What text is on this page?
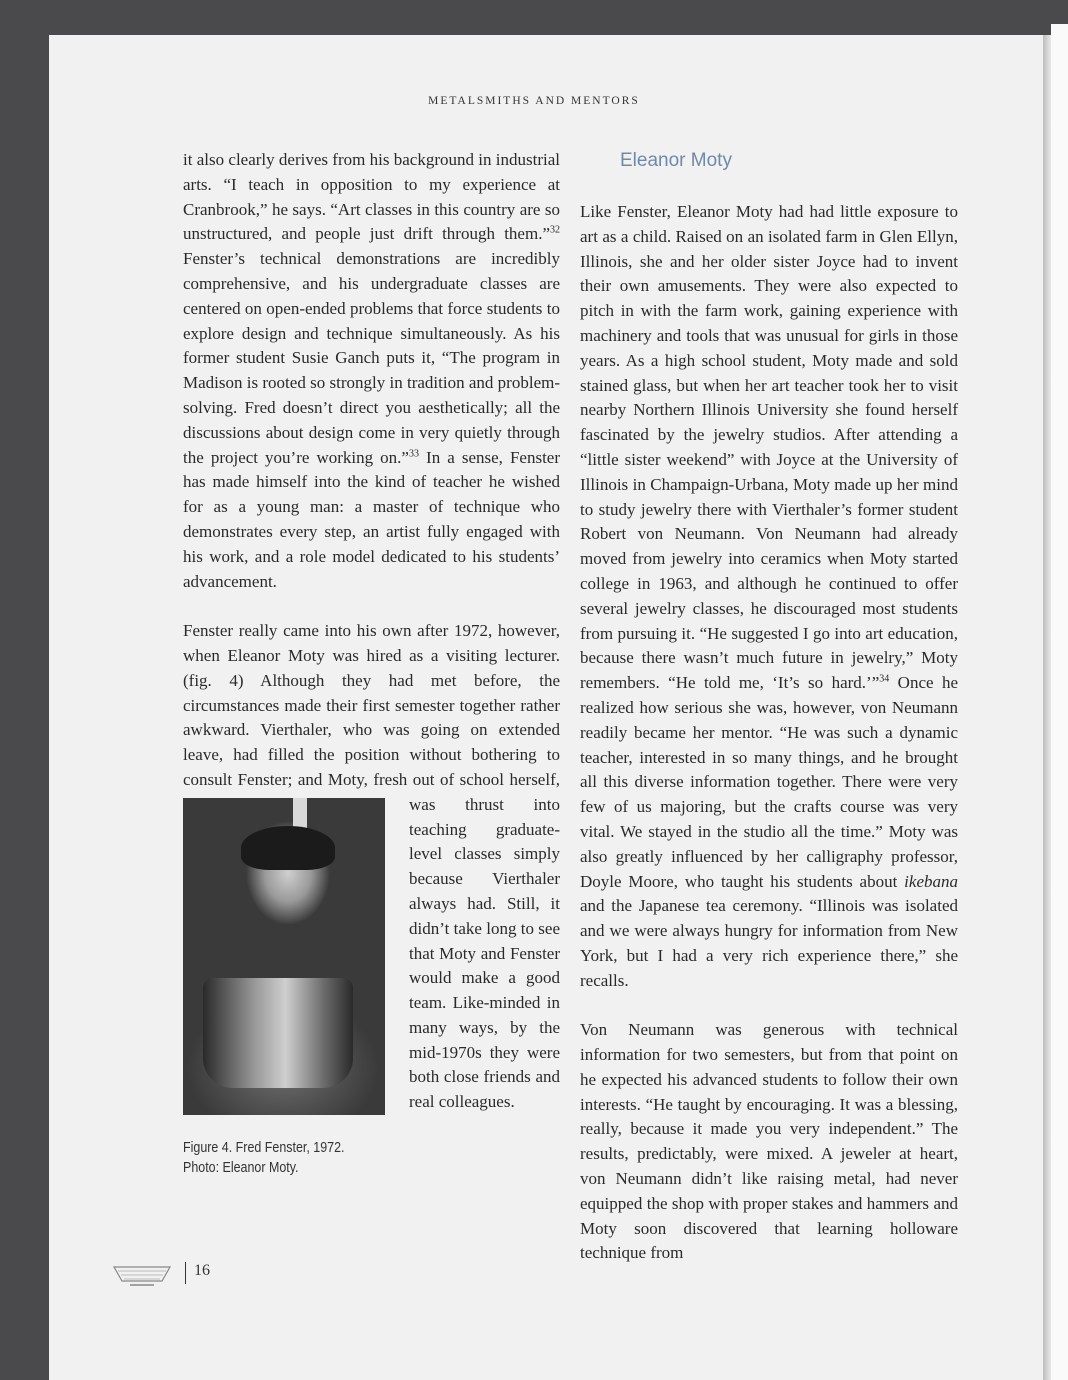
METALSMITHS AND MENTORS

it also clearly derives from his background in industrial arts. “I teach in opposition to my experience at Cranbrook,” he says. “Art classes in this country are so unstructured, and people just drift through them.”$^{32}$ Fenster’s technical demonstrations are incredibly comprehensive, and his undergraduate classes are centered on open-ended problems that force students to explore design and technique simultaneously. As his former student Susie Ganch puts it, “The program in Madison is rooted so strongly in tradition and problem-solving. Fred doesn’t direct you aesthetically; all the discussions about design come in very quietly through the project you’re working on.”$^{33}$ In a sense, Fenster has made himself into the kind of teacher he wished for as a young man: a master of technique who demonstrates every step, an artist fully engaged with his work, and a role model dedicated to his students’ advancement.

Fenster really came into his own after 1972, however, when Eleanor Moty was hired as a visiting lecturer. (fig. 4) Although they had met before, the circumstances made their first semester together rather awkward. Vierthaler, who was going on extended leave, had filled the position without bothering to consult Fenster; and Moty, fresh out of school herself, was thrust into teaching graduate-level classes simply because Vierthaler always had. Still, it didn’t take long to see that Moty and Fenster would make a good team. Like-minded in many ways, by the mid-1970s they were both close friends and real colleagues.

Figure 4. Fred Fenster, 1972.
Photo: Eleanor Moty.
Eleanor Moty

Like Fenster, Eleanor Moty had had little exposure to art as a child. Raised on an isolated farm in Glen Ellyn, Illinois, she and her older sister Joyce had to invent their own amusements. They were also expected to pitch in with the farm work, gaining experience with machinery and tools that was unusual for girls in those years. As a high school student, Moty made and sold stained glass, but when her art teacher took her to visit nearby Northern Illinois University she found herself fascinated by the jewelry studios. After attending a “little sister weekend” with Joyce at the University of Illinois in Champaign-Urbana, Moty made up her mind to study jewelry there with Vierthaler’s former student Robert von Neumann. Von Neumann had already moved from jewelry into ceramics when Moty started college in 1963, and although he continued to offer several jewelry classes, he discouraged most students from pursuing it. “He suggested I go into art education, because there wasn’t much future in jewelry,” Moty remembers. “He told me, ‘It’s so hard.’”$^{34}$ Once he realized how serious she was, however, von Neumann readily became her mentor. “He was such a dynamic teacher, interested in so many things, and he brought all this diverse information together. There were very few of us majoring, but the crafts course was very vital. We stayed in the studio all the time.” Moty was also greatly influenced by her calligraphy professor, Doyle Moore, who taught his students about ikebana and the Japanese tea ceremony. “Illinois was isolated and we were always hungry for information from New York, but I had a very rich experience there,” she recalls.

Von Neumann was generous with technical information for two semesters, but from that point on he expected his advanced students to follow their own interests. “He taught by encouraging. It was a blessing, really, because it made you very independent.” The results, predictably, were mixed. A jeweler at heart, von Neumann didn’t like raising metal, had never equipped the shop with proper stakes and hammers and Moty soon discovered that learning holloware technique from

16
